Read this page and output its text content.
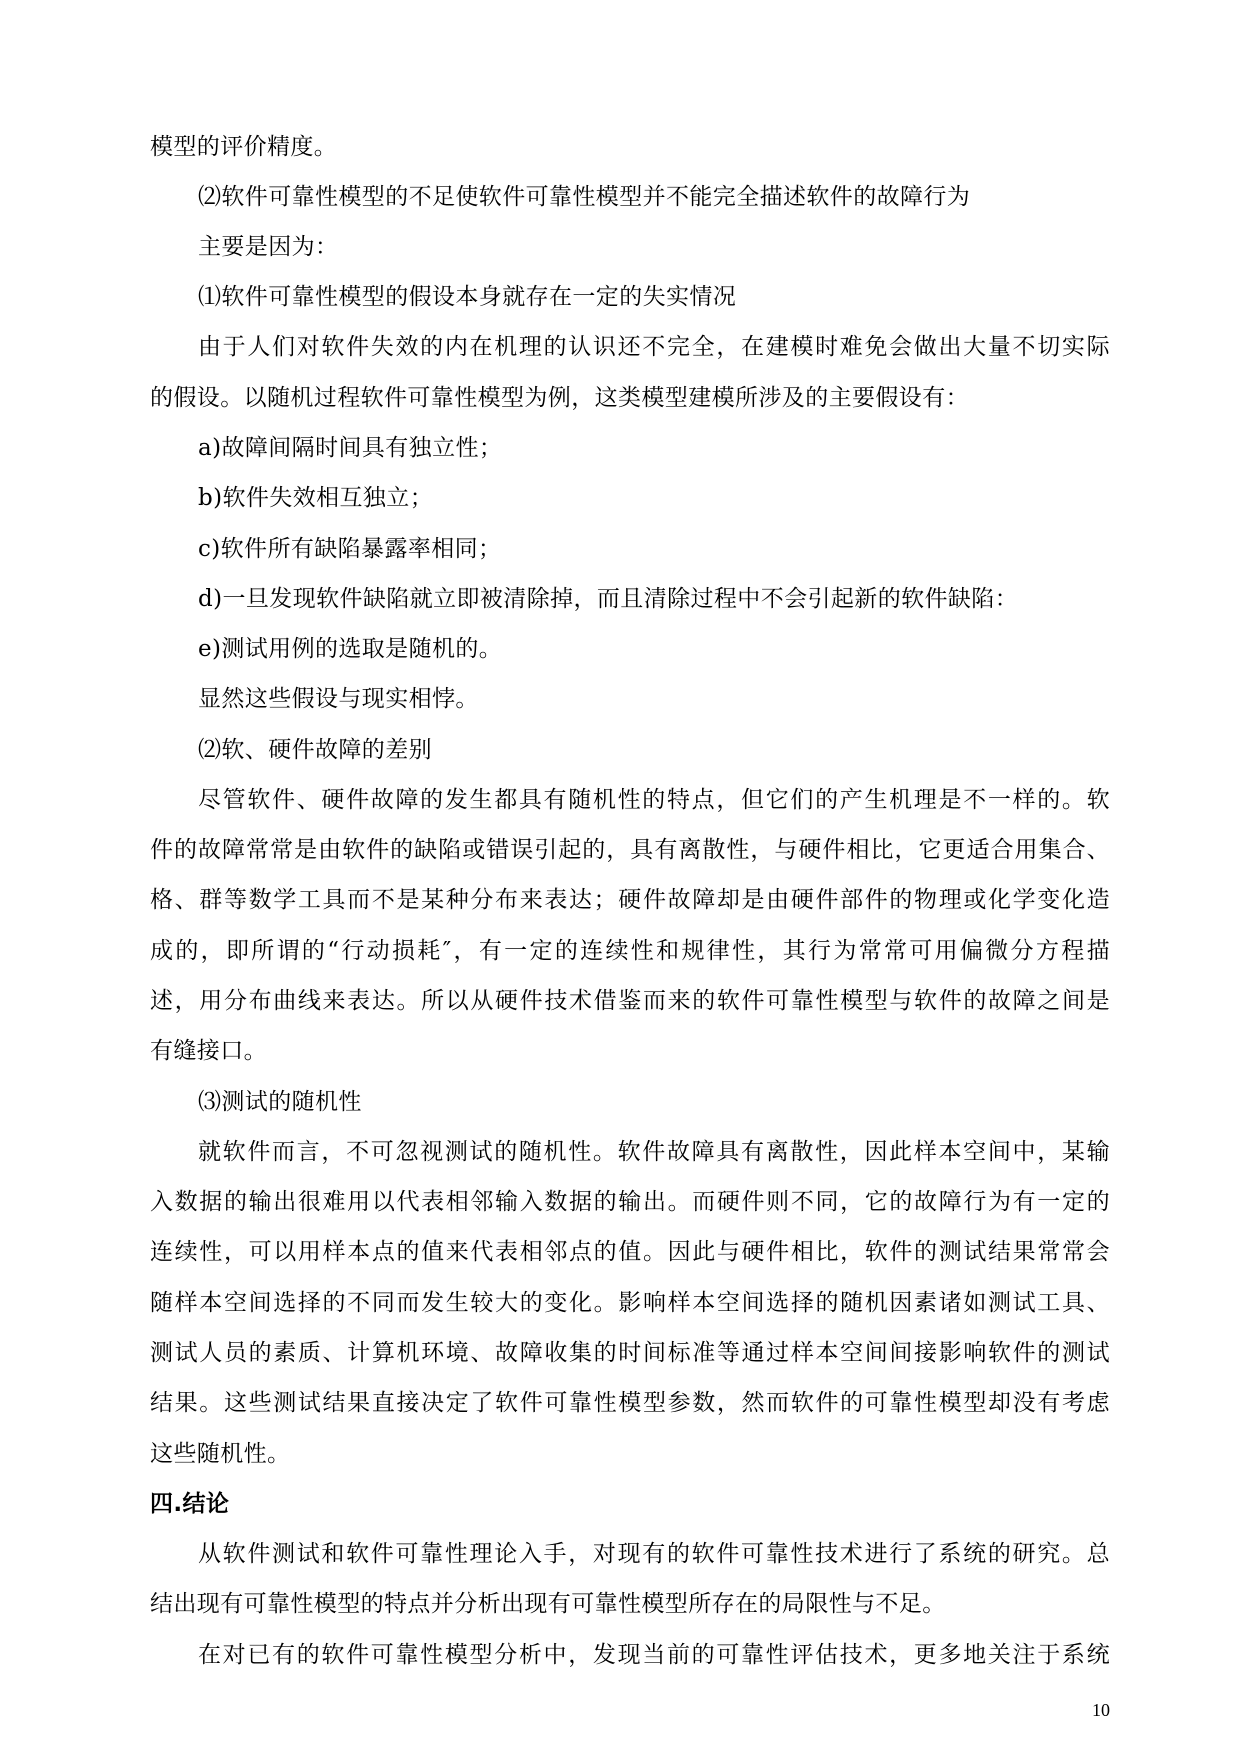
模型的评价精度。
⑵软件可靠性模型的不足使软件可靠性模型并不能完全描述软件的故障行为
主要是因为：
⑴软件可靠性模型的假设本身就存在一定的失实情况
由于人们对软件失效的内在机理的认识还不完全，在建模时难免会做出大量不切实际
的假设。以随机过程软件可靠性模型为例，这类模型建模所涉及的主要假设有：
a)故障间隔时间具有独立性；
b)软件失效相互独立；
c)软件所有缺陷暴露率相同；
d)一旦发现软件缺陷就立即被清除掉，而且清除过程中不会引起新的软件缺陷：
e)测试用例的选取是随机的。
显然这些假设与现实相悖。
⑵软、硬件故障的差别
尽管软件、硬件故障的发生都具有随机性的特点，但它们的产生机理是不一样的。软
件的故障常常是由软件的缺陷或错误引起的，具有离散性，与硬件相比，它更适合用集合、
格、群等数学工具而不是某种分布来表达；硬件故障却是由硬件部件的物理或化学变化造
成的，即所谓的“行动损耗″，有一定的连续性和规律性，其行为常常可用偏微分方程描
述，用分布曲线来表达。所以从硬件技术借鉴而来的软件可靠性模型与软件的故障之间是
有缝接口。
⑶测试的随机性
就软件而言，不可忽视测试的随机性。软件故障具有离散性，因此样本空间中，某输
入数据的输出很难用以代表相邻输入数据的输出。而硬件则不同，它的故障行为有一定的
连续性，可以用样本点的值来代表相邻点的值。因此与硬件相比，软件的测试结果常常会
随样本空间选择的不同而发生较大的变化。影响样本空间选择的随机因素诸如测试工具、
测试人员的素质、计算机环境、故障收集的时间标准等通过样本空间间接影响软件的测试
结果。这些测试结果直接决定了软件可靠性模型参数，然而软件的可靠性模型却没有考虑
这些随机性。
四.结论
从软件测试和软件可靠性理论入手，对现有的软件可靠性技术进行了系统的研究。总
结出现有可靠性模型的特点并分析出现有可靠性模型所存在的局限性与不足。
在对已有的软件可靠性模型分析中，发现当前的可靠性评估技术，更多地关注于系统
10
